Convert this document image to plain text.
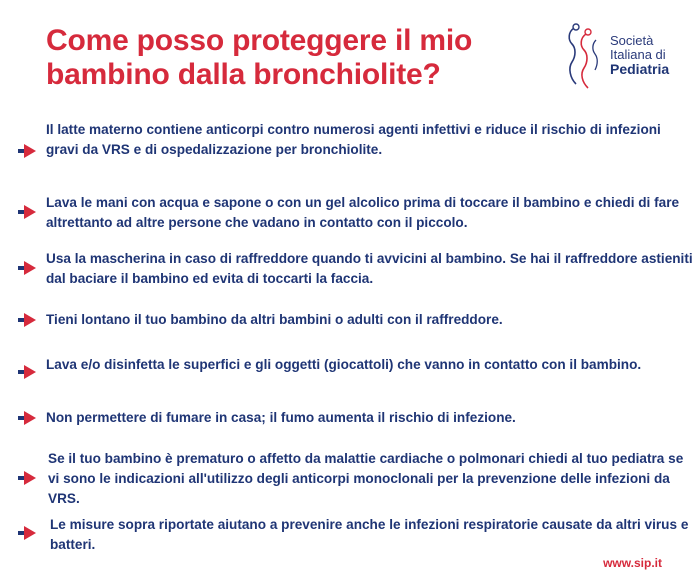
Come posso proteggere il mio bambino dalla bronchiolite?
Società
Italiana di
Pediatria
Il latte materno contiene anticorpi contro numerosi agenti infettivi e riduce il rischio di infezioni gravi da VRS e di ospedalizzazione per bronchiolite.
Lava le mani con acqua e sapone o con un gel alcolico prima di toccare il bambino e chiedi di fare altrettanto ad altre persone che vadano in contatto con il piccolo.
Usa la mascherina in caso di raffreddore quando ti avvicini al bambino. Se hai il raffreddore astieniti dal baciare il bambino ed evita di toccarti la faccia.
Tieni lontano il tuo bambino da altri bambini o adulti con il raffreddore.
Lava e/o disinfetta le superfici e gli oggetti (giocattoli) che vanno in contatto con il bambino.
Non permettere di fumare in casa; il fumo aumenta il rischio di infezione.
Se il tuo bambino è prematuro o affetto da malattie cardiache o polmonari chiedi al tuo pediatra se vi sono le indicazioni all'utilizzo degli anticorpi monoclonali per la prevenzione delle infezioni da VRS.
Le misure sopra riportate aiutano a prevenire anche le infezioni respiratorie causate da altri virus e batteri.
www.sip.it
